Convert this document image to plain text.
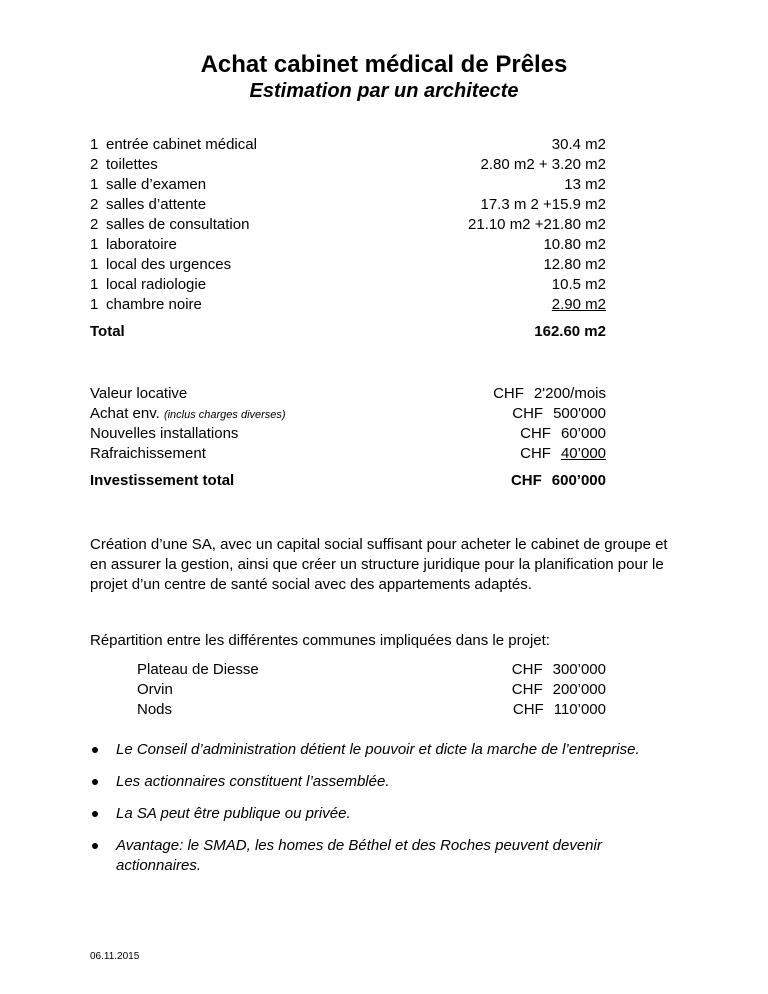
Achat cabinet médical de Prêles
Estimation par un architecte
1 entrée cabinet médical	30.4 m2
2 toilettes	2.80 m2 + 3.20 m2
1 salle d’examen	13 m2
2 salles d’attente	17.3 m 2 +15.9 m2
2 salles de consultation	21.10 m2 +21.80 m2
1 laboratoire	10.80 m2
1 local des urgences	12.80 m2
1 local radiologie	10.5 m2
1 chambre noire	2.90 m2
Total	162.60 m2
Valeur locative	CHF 2'200/mois
Achat env. (inclus charges diverses)	CHF 500'000
Nouvelles installations	CHF 60’000
Rafraichissement	CHF 40’000
Investissement total	CHF 600’000
Création d’une SA, avec un capital social suffisant pour acheter le cabinet de groupe et en assurer la gestion, ainsi que créer un structure juridique pour la planification pour le projet d’un centre de santé social avec des appartements adaptés.
Répartition entre les différentes communes impliquées dans le projet:
Plateau de Diesse	CHF 300’000
Orvin	CHF 200’000
Nods	CHF 110’000
Le Conseil d’administration détient le pouvoir et dicte la marche de l’entreprise.
Les actionnaires constituent l’assemblée.
La SA peut être publique ou privée.
Avantage: le SMAD, les homes de Béthel et des Roches peuvent devenir actionnaires.
06.11.2015
